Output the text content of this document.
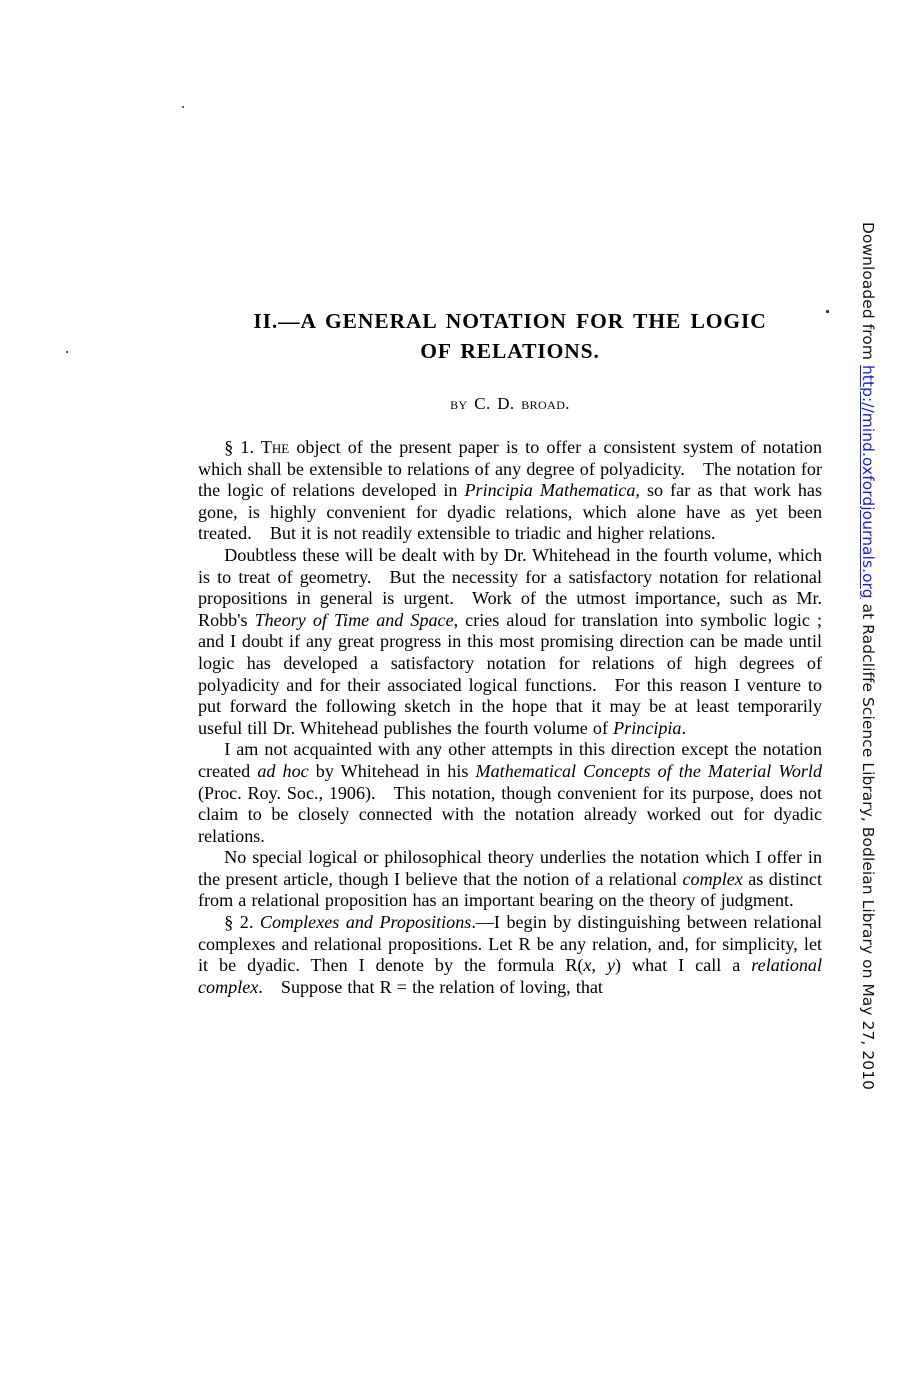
II.—A GENERAL NOTATION FOR THE LOGIC
OF RELATIONS.
by C. D. broad.

§ 1. The object of the present paper is to offer a consistent system of notation which shall be extensible to relations of any degree of polyadicity. The notation for the logic of relations developed in Principia Mathematica, so far as that work has gone, is highly convenient for dyadic relations, which alone have as yet been treated. But it is not readily extensible to triadic and higher relations.

Doubtless these will be dealt with by Dr. Whitehead in the fourth volume, which is to treat of geometry. But the necessity for a satisfactory notation for relational propositions in general is urgent. Work of the utmost importance, such as Mr. Robb's Theory of Time and Space, cries aloud for translation into symbolic logic ; and I doubt if any great progress in this most promising direction can be made until logic has developed a satisfactory notation for relations of high degrees of polyadicity and for their associated logical functions. For this reason I venture to put forward the following sketch in the hope that it may be at least temporarily useful till Dr. Whitehead publishes the fourth volume of Principia.

I am not acquainted with any other attempts in this direction except the notation created ad hoc by Whitehead in his Mathematical Concepts of the Material World (Proc. Roy. Soc., 1906). This notation, though convenient for its purpose, does not claim to be closely connected with the notation already worked out for dyadic relations.

No special logical or philosophical theory underlies the notation which I offer in the present article, though I believe that the notion of a relational complex as distinct from a relational proposition has an important bearing on the theory of judgment.

§ 2. Complexes and Propositions.—I begin by distinguishing between relational complexes and relational propositions. Let R be any relation, and, for simplicity, let it be dyadic. Then I denote by the formula R(x, y) what I call a relational complex. Suppose that R = the relation of loving, that

Downloaded from http://mind.oxfordjournals.org at Radcliffe Science Library, Bodleian Library on May 27, 2010
